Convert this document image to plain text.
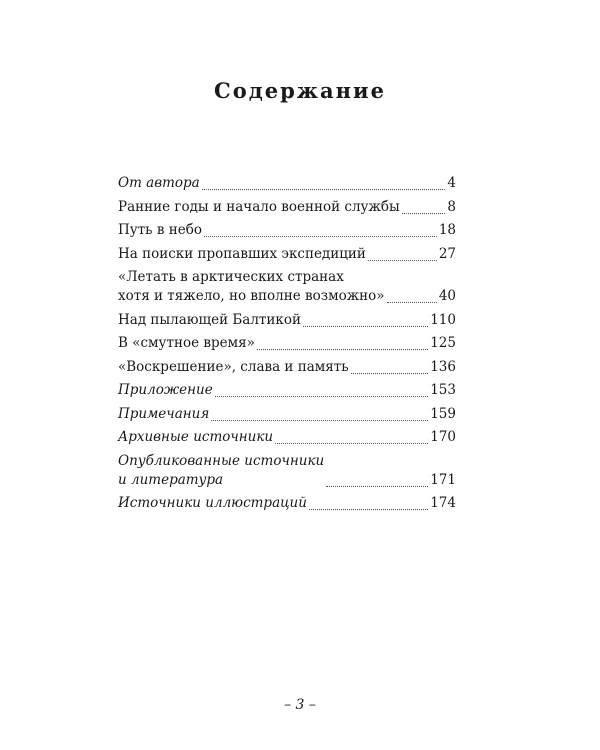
Содержание
От автора	4
Ранние годы и начало военной службы	8
Путь в небо	18
На поиски пропавших экспедиций	27
«Летать в арктических странах
хотя и тяжело, но вполне возможно»	40
Над пылающей Балтикой	110
В «смутное время»	125
«Воскрешение», слава и память	136
Приложение	153
Примечания	159
Архивные источники	170
Опубликованные источники
и литература	171
Источники иллюстраций	174
– 3 –
